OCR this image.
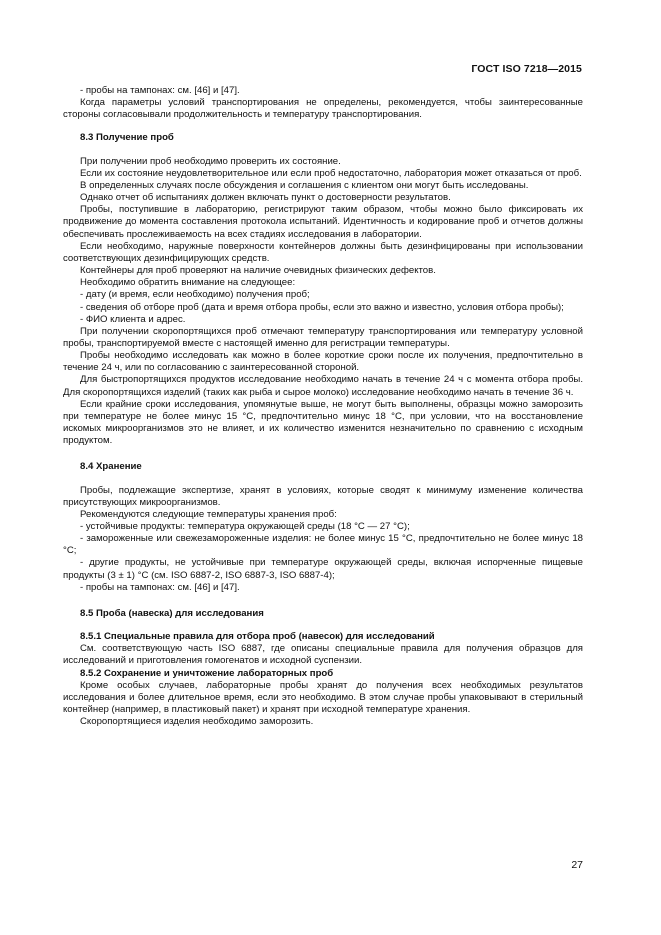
ГОСТ ISO 7218—2015

- пробы на тампонах: см. [46] и [47].

Когда параметры условий транспортирования не определены, рекомендуется, чтобы заинтересованные стороны согласовывали продолжительность и температуру транспортирования.

8.3 Получение проб

При получении проб необходимо проверить их состояние.

Если их состояние неудовлетворительное или если проб недостаточно, лаборатория может отказаться от проб.

В определенных случаях после обсуждения и соглашения с клиентом они могут быть исследованы.

Однако отчет об испытаниях должен включать пункт о достоверности результатов.

Пробы, поступившие в лабораторию, регистрируют таким образом, чтобы можно было фиксировать их продвижение до момента составления протокола испытаний. Идентичность и кодирование проб и отчетов должны обеспечивать прослеживаемость на всех стадиях исследования в лаборатории.

Если необходимо, наружные поверхности контейнеров должны быть дезинфицированы при использовании соответствующих дезинфицирующих средств.

Контейнеры для проб проверяют на наличие очевидных физических дефектов.

Необходимо обратить внимание на следующее:

- дату (и время, если необходимо) получения проб;

- сведения об отборе проб (дата и время отбора пробы, если это важно и известно, условия отбора пробы);

- ФИО клиента и адрес.

При получении скоропортящихся проб отмечают температуру транспортирования или температуру условной пробы, транспортируемой вместе с настоящей именно для регистрации температуры.

Пробы необходимо исследовать как можно в более короткие сроки после их получения, предпочтительно в течение 24 ч, или по согласованию с заинтересованной стороной.

Для быстропортящихся продуктов исследование необходимо начать в течение 24 ч с момента отбора пробы. Для скоропортящихся изделий (таких как рыба и сырое молоко) исследование необходимо начать в течение 36 ч.

Если крайние сроки исследования, упомянутые выше, не могут быть выполнены, образцы можно заморозить при температуре не более минус 15 °C, предпочтительно минус 18 °C, при условии, что на восстановление искомых микроорганизмов это не влияет, и их количество изменится незначительно по сравнению с исходным продуктом.

8.4 Хранение

Пробы, подлежащие экспертизе, хранят в условиях, которые сводят к минимуму изменение количества присутствующих микроорганизмов.

Рекомендуются следующие температуры хранения проб:

- устойчивые продукты: температура окружающей среды (18 °C — 27 °C);

- замороженные или свежезамороженные изделия: не более минус 15 °C, предпочтительно не более минус 18 °C;

- другие продукты, не устойчивые при температуре окружающей среды, включая испорченные пищевые продукты (3 ± 1) °C (см. ISO 6887-2, ISO 6887-3, ISO 6887-4);

- пробы на тампонах: см. [46] и [47].

8.5 Проба (навеска) для исследования

8.5.1 Специальные правила для отбора проб (навесок) для исследований

См. соответствующую часть ISO 6887, где описаны специальные правила для получения образцов для исследований и приготовления гомогенатов и исходной суспензии.

8.5.2 Сохранение и уничтожение лабораторных проб

Кроме особых случаев, лабораторные пробы хранят до получения всех необходимых результатов исследования и более длительное время, если это необходимо. В этом случае пробы упаковывают в стерильный контейнер (например, в пластиковый пакет) и хранят при исходной температуре хранения.

Скоропортящиеся изделия необходимо заморозить.

27
